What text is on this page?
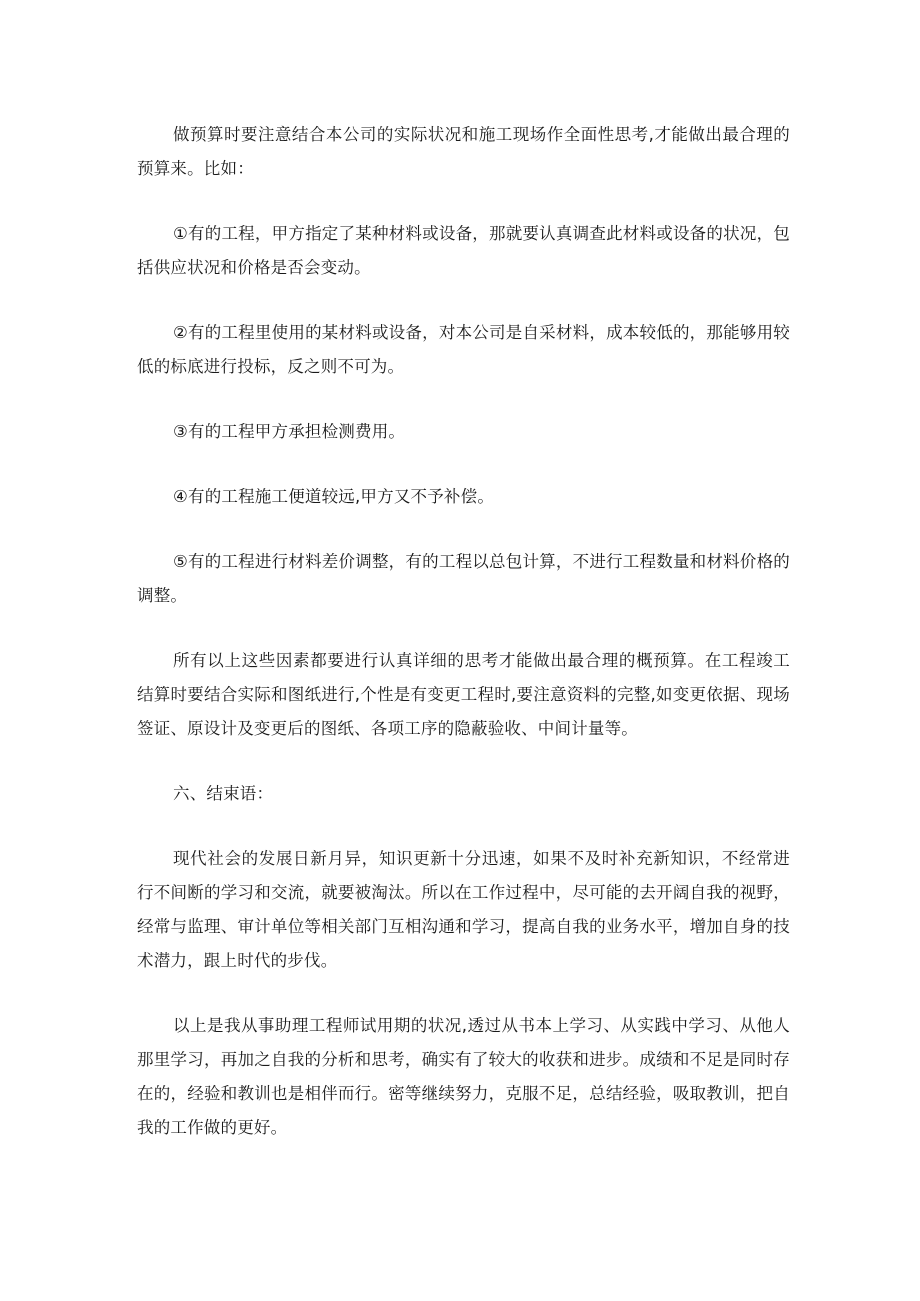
做预算时要注意结合本公司的实际状况和施工现场作全面性思考,才能做出最合理的预算来。比如：

①有的工程，甲方指定了某种材料或设备，那就要认真调查此材料或设备的状况，包括供应状况和价格是否会变动。

②有的工程里使用的某材料或设备，对本公司是自采材料，成本较低的，那能够用较低的标底进行投标，反之则不可为。

③有的工程甲方承担检测费用。

④有的工程施工便道较远,甲方又不予补偿。

⑤有的工程进行材料差价调整，有的工程以总包计算，不进行工程数量和材料价格的调整。

所有以上这些因素都要进行认真详细的思考才能做出最合理的概预算。在工程竣工结算时要结合实际和图纸进行,个性是有变更工程时,要注意资料的完整,如变更依据、现场签证、原设计及变更后的图纸、各项工序的隐蔽验收、中间计量等。

六、结束语：

现代社会的发展日新月异，知识更新十分迅速，如果不及时补充新知识，不经常进行不间断的学习和交流，就要被淘汰。所以在工作过程中，尽可能的去开阔自我的视野，经常与监理、审计单位等相关部门互相沟通和学习，提高自我的业务水平，增加自身的技术潜力，跟上时代的步伐。

以上是我从事助理工程师试用期的状况,透过从书本上学习、从实践中学习、从他人那里学习，再加之自我的分析和思考，确实有了较大的收获和进步。成绩和不足是同时存在的，经验和教训也是相伴而行。密等继续努力，克服不足，总结经验，吸取教训，把自我的工作做的更好。
